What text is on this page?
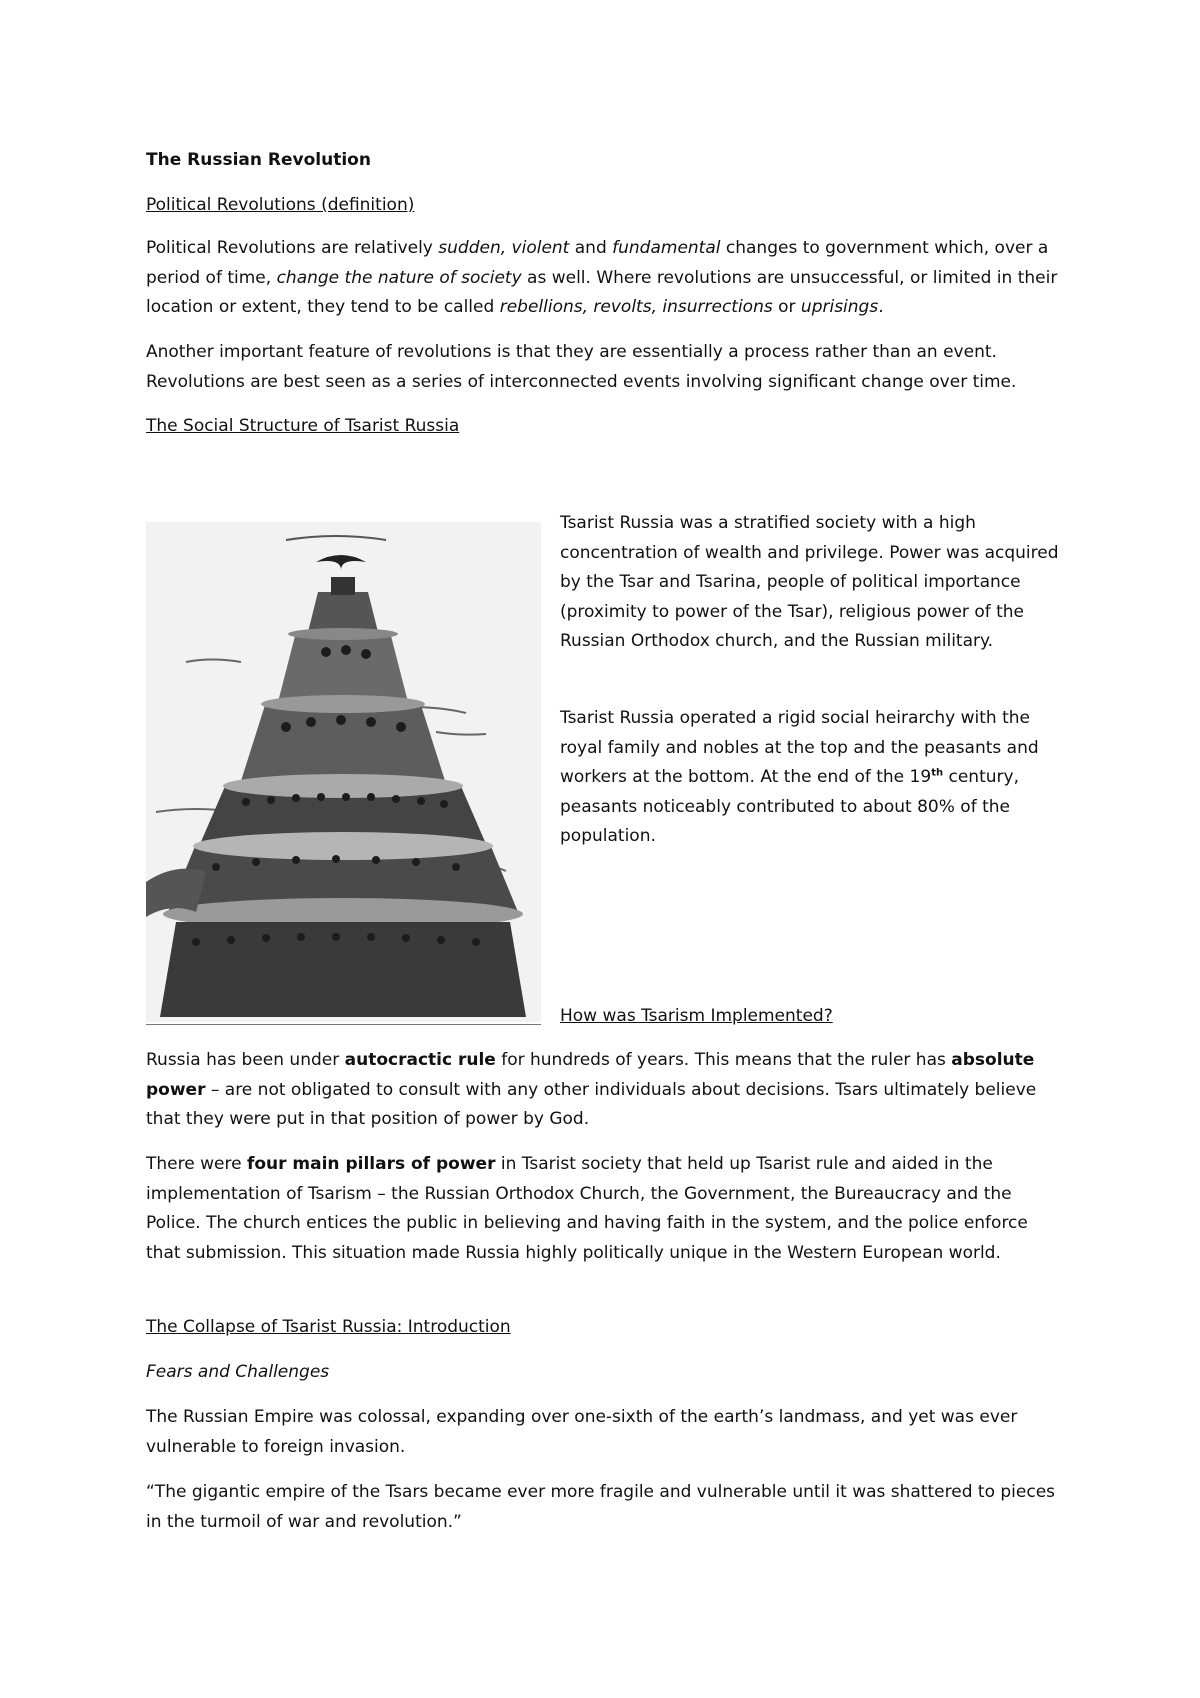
The Russian Revolution

Political Revolutions (definition)

Political Revolutions are relatively sudden, violent and fundamental changes to government which, over a period of time, change the nature of society as well. Where revolutions are unsuccessful, or limited in their location or extent, they tend to be called rebellions, revolts, insurrections or uprisings.

Another important feature of revolutions is that they are essentially a process rather than an event. Revolutions are best seen as a series of interconnected events involving significant change over time.

The Social Structure of Tsarist Russia

Tsarist Russia was a stratified society with a high concentration of wealth and privilege. Power was acquired by the Tsar and Tsarina, people of political importance (proximity to power of the Tsar), religious power of the Russian Orthodox church, and the Russian military.

Tsarist Russia operated a rigid social heirarchy with the royal family and nobles at the top and the peasants and workers at the bottom. At the end of the 19th century, peasants noticeably contributed to about 80% of the population.

How was Tsarism Implemented?

Russia has been under autocractic rule for hundreds of years. This means that the ruler has absolute power – are not obligated to consult with any other individuals about decisions. Tsars ultimately believe that they were put in that position of power by God.

There were four main pillars of power in Tsarist society that held up Tsarist rule and aided in the implementation of Tsarism – the Russian Orthodox Church, the Government, the Bureaucracy and the Police. The church entices the public in believing and having faith in the system, and the police enforce that submission. This situation made Russia highly politically unique in the Western European world.

The Collapse of Tsarist Russia: Introduction

Fears and Challenges

The Russian Empire was colossal, expanding over one-sixth of the earth’s landmass, and yet was ever vulnerable to foreign invasion.

“The gigantic empire of the Tsars became ever more fragile and vulnerable until it was shattered to pieces in the turmoil of war and revolution.”
